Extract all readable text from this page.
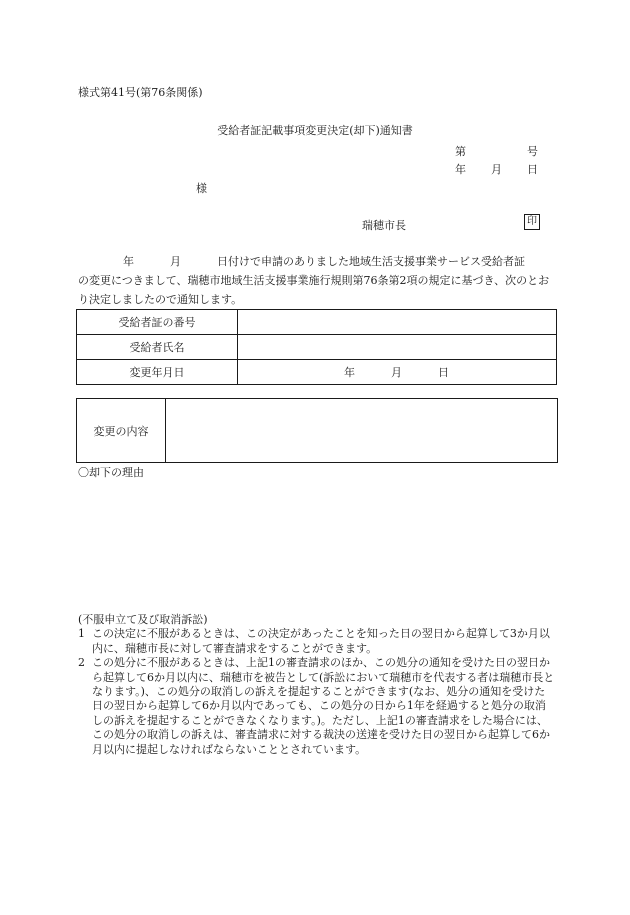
様式第41号(第76条関係)
受給者証記載事項変更決定(却下)通知書
第	号
年 月 日
様
瑞穂市長	印
年	月	日付けで申請のありました地域生活支援事業サービス受給者証
の変更につきまして、瑞穂市地域生活支援事業施行規則第76条第2項の規定に基づき、次のとおり決定しましたので通知します。
受給者証の番号	
受給者氏名	
変更年月日	年 月 日
変更の内容
〇却下の理由
(不服申立て及び取消訴訟)
1 この決定に不服があるときは、この決定があったことを知った日の翌日から起算して3か月以内に、瑞穂市長に対して審査請求をすることができます。
2 この処分に不服があるときは、上記1の審査請求のほか、この処分の通知を受けた日の翌日から起算して6か月以内に、瑞穂市を被告として(訴訟において瑞穂市を代表する者は瑞穂市長となります。)、この処分の取消しの訴えを提起することができます(なお、処分の通知を受けた日の翌日から起算して6か月以内であっても、この処分の日から1年を経過すると処分の取消しの訴えを提起することができなくなります。)。ただし、上記1の審査請求をした場合には、この処分の取消しの訴えは、審査請求に対する裁決の送達を受けた日の翌日から起算して6か月以内に提起しなければならないこととされています。
